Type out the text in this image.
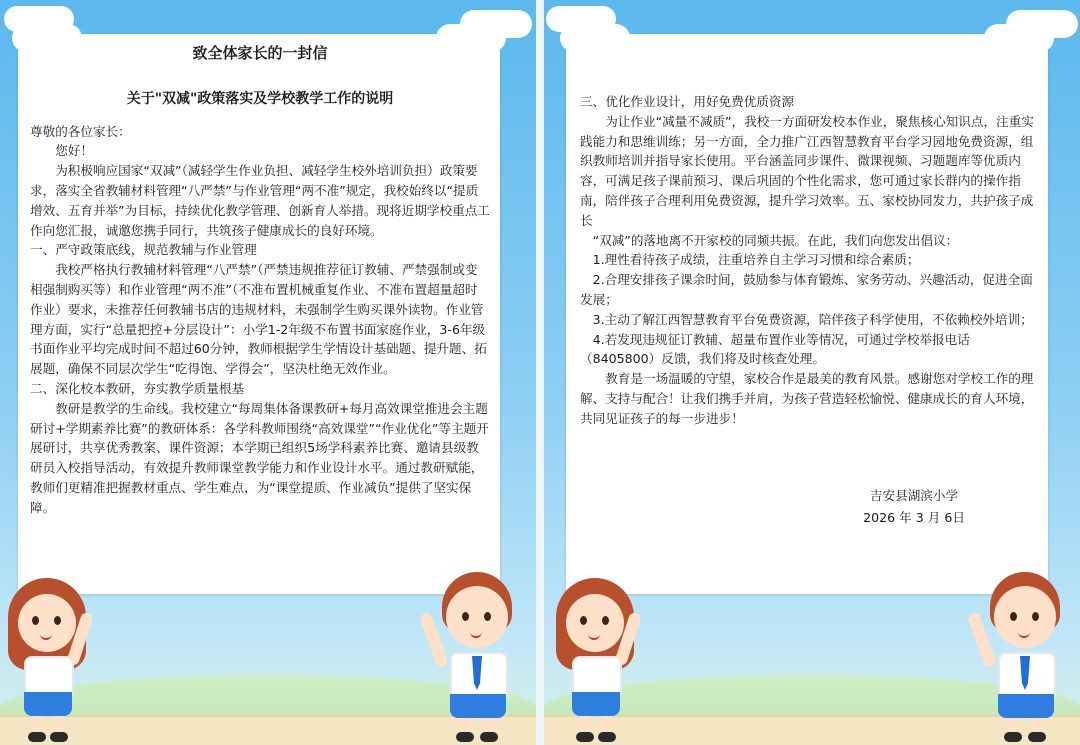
致全体家长的一封信

关于"双减"政策落实及学校教学工作的说明

尊敬的各位家长：

您好！

为积极响应国家“双减”（减轻学生作业负担、减轻学生校外培训负担）政策要求，落实全省教辅材料管理“八严禁”与作业管理“两不准”规定，我校始终以“提质增效、五育并举”为目标，持续优化教学管理、创新育人举措。现将近期学校重点工作向您汇报，诚邀您携手同行，共筑孩子健康成长的良好环境。

一、严守政策底线，规范教辅与作业管理

我校严格执行教辅材料管理“八严禁”（严禁违规推荐征订教辅、严禁强制或变相强制购买等）和作业管理“两不准”（不准布置机械重复作业、不准布置超量超时作业）要求，未推荐任何教辅书店的违规材料，未强制学生购买课外读物。作业管理方面，实行“总量把控+分层设计”：小学1-2年级不布置书面家庭作业，3-6年级书面作业平均完成时间不超过60分钟，教师根据学生学情设计基础题、提升题、拓展题，确保不同层次学生“吃得饱、学得会”，坚决杜绝无效作业。

二、深化校本教研，夯实教学质量根基

教研是教学的生命线。我校建立“每周集体备课教研+每月高效课堂推进会主题研讨+学期素养比赛”的教研体系：各学科教师围绕“高效课堂”“作业优化”等主题开展研讨，共享优秀教案、课件资源；本学期已组织5场学科素养比赛、邀请县级教研员入校指导活动，有效提升教师课堂教学能力和作业设计水平。通过教研赋能，教师们更精准把握教材重点、学生难点，为“课堂提质、作业减负”提供了坚实保障。

三、优化作业设计，用好免费优质资源

为让作业“减量不减质”，我校一方面研发校本作业，聚焦核心知识点，注重实践能力和思维训练；另一方面，全力推广江西智慧教育平台学习园地免费资源，组织教师培训并指导家长使用。平台涵盖同步课件、微课视频、习题题库等优质内容，可满足孩子课前预习、课后巩固的个性化需求，您可通过家长群内的操作指南，陪伴孩子合理利用免费资源，提升学习效率。五、家校协同发力，共护孩子成长

“双减”的落地离不开家校的同频共振。在此，我们向您发出倡议：

1.理性看待孩子成绩，注重培养自主学习习惯和综合素质；

2.合理安排孩子课余时间，鼓励参与体育锻炼、家务劳动、兴趣活动，促进全面发展；

3.主动了解江西智慧教育平台免费资源，陪伴孩子科学使用，不依赖校外培训；

4.若发现违规征订教辅、超量布置作业等情况，可通过学校举报电话（8405800）反馈，我们将及时核查处理。

教育是一场温暖的守望，家校合作是最美的教育风景。感谢您对学校工作的理解、支持与配合！让我们携手并肩，为孩子营造轻松愉悦、健康成长的育人环境，共同见证孩子的每一步进步！

吉安县湖滨小学

2026 年 3 月 6日
